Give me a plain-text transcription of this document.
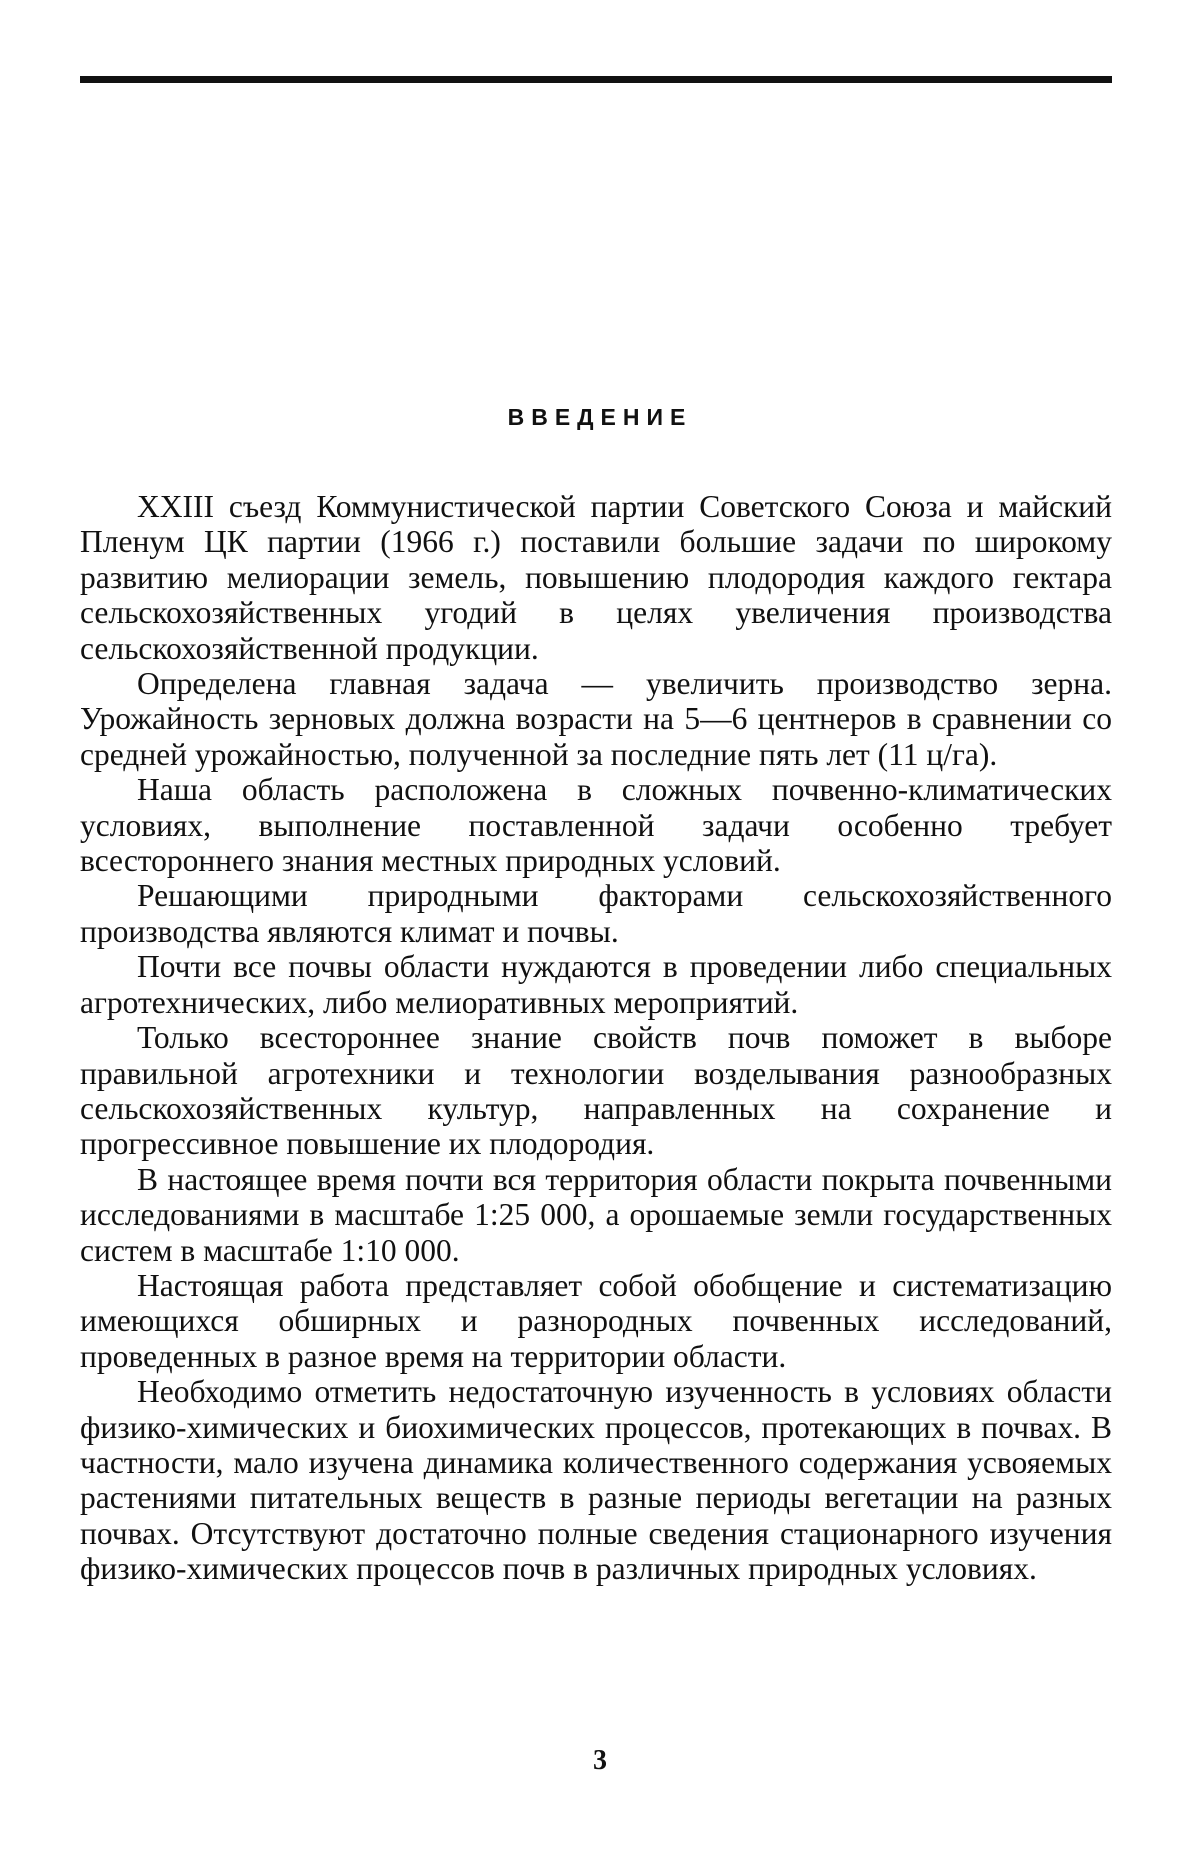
ВВЕДЕНИЕ

XXIII съезд Коммунистической партии Советского Союза и майский Пленум ЦК партии (1966 г.) поставили большие задачи по широкому развитию мелиорации земель, повышению плодородия каждого гектара сельскохозяйственных угодий в целях увеличения производства сельскохозяйственной продукции.

Определена главная задача — увеличить производство зерна. Урожайность зерновых должна возрасти на 5—6 центнеров в сравнении со средней урожайностью, полученной за последние пять лет (11 ц/га).

Наша область расположена в сложных почвенно-климатических условиях, выполнение поставленной задачи особенно требует всестороннего знания местных природных условий.

Решающими природными факторами сельскохозяйственного производства являются климат и почвы.

Почти все почвы области нуждаются в проведении либо специальных агротехнических, либо мелиоративных мероприятий.

Только всестороннее знание свойств почв поможет в выборе правильной агротехники и технологии возделывания разнообразных сельскохозяйственных культур, направленных на сохранение и прогрессивное повышение их плодородия.

В настоящее время почти вся территория области покрыта почвенными исследованиями в масштабе 1:25 000, а орошаемые земли государственных систем в масштабе 1:10 000.

Настоящая работа представляет собой обобщение и систематизацию имеющихся обширных и разнородных почвенных исследований, проведенных в разное время на территории области.

Необходимо отметить недостаточную изученность в условиях области физико-химических и биохимических процессов, протекающих в почвах. В частности, мало изучена динамика количественного содержания усвояемых растениями питательных веществ в разные периоды вегетации на разных почвах. Отсутствуют достаточно полные сведения стационарного изучения физико-химических процессов почв в различных природных условиях.

3
